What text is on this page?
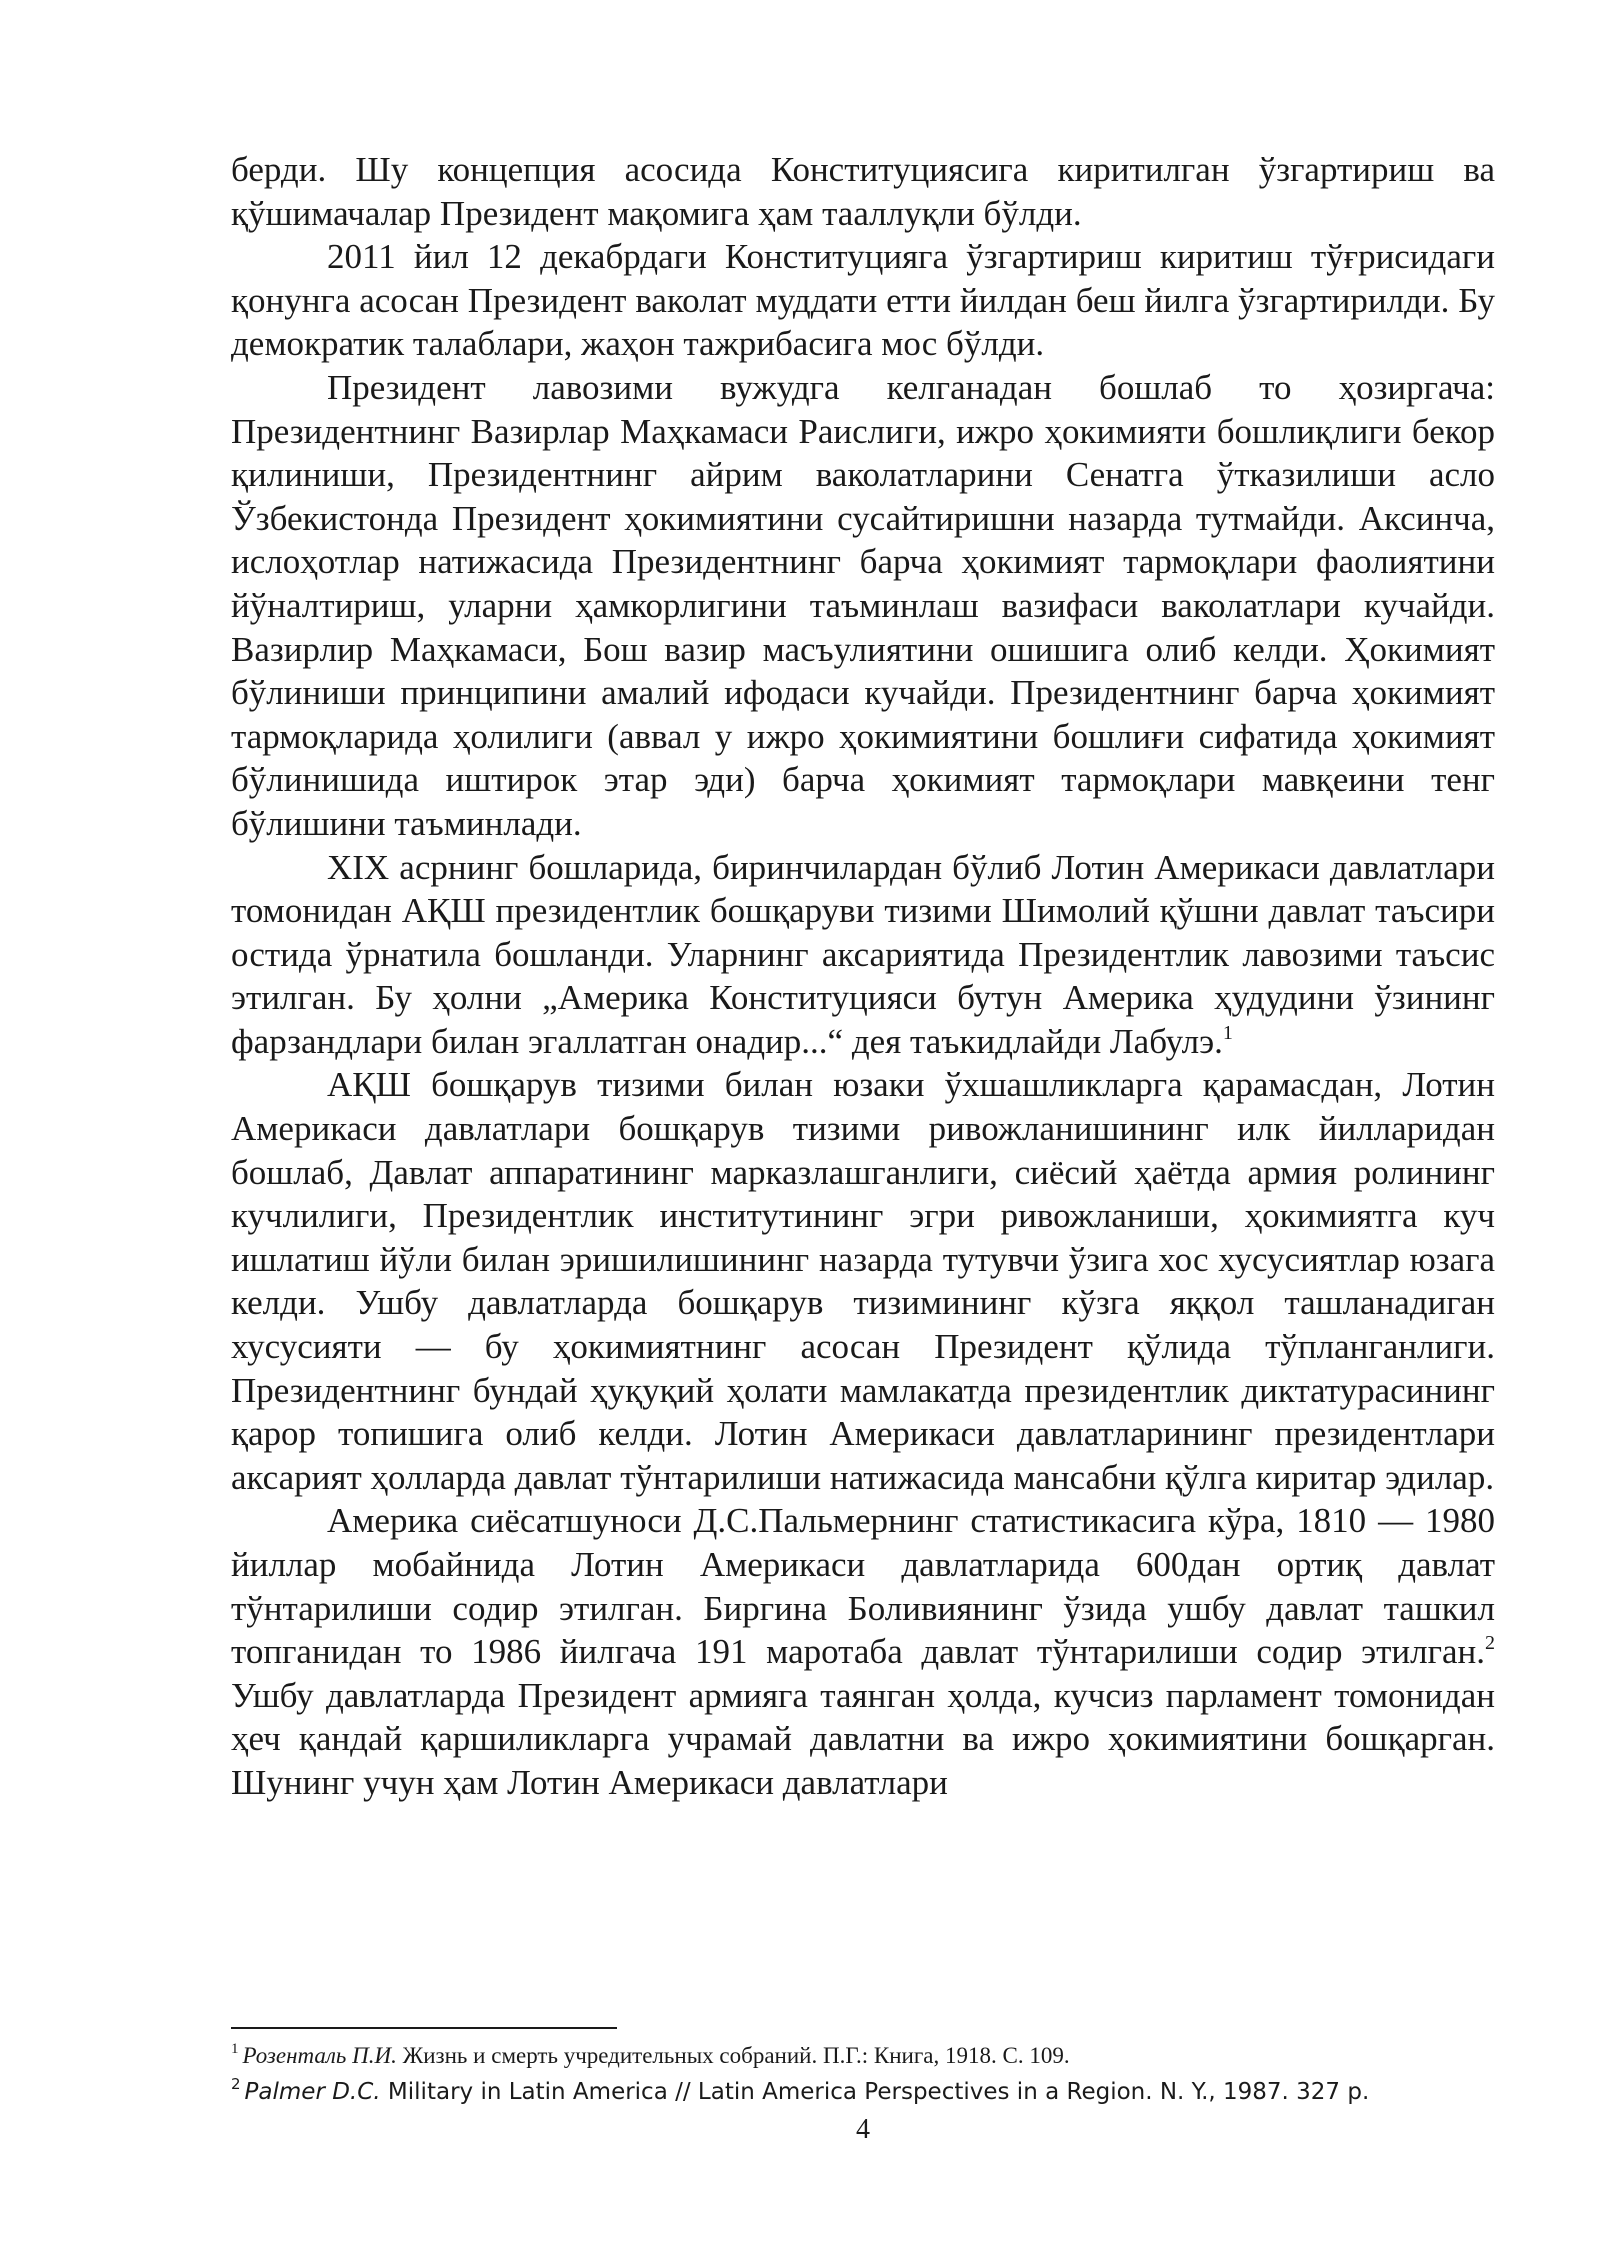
берди. Шу концепция асосида Конституциясига киритилган ўзгартириш ва қўшимачалар Президент мақомига ҳам тааллуқли бўлди.

2011 йил 12 декабрдаги Конституцияга ўзгартириш киритиш тўғрисидаги қонунга асосан Президент ваколат муддати етти йилдан беш йилга ўзгартирилди. Бу демократик талаблари, жаҳон тажрибасига мос бўлди.

Президент лавозими вужудга келганадан бошлаб то ҳозиргача: Президентнинг Вазирлар Маҳкамаси Раислиги, ижро ҳокимияти бошлиқлиги бекор қилиниши, Президентнинг айрим ваколатларини Сенатга ўтказилиши асло Ўзбекистонда Президент ҳокимиятини сусайтиришни назарда тутмайди. Аксинча, ислоҳотлар натижасида Президентнинг барча ҳокимият тармоқлари фаолиятини йўналтириш, уларни ҳамкорлигини таъминлаш вазифаси ваколатлари кучайди. Вазирлир Маҳкамаси, Бош вазир масъулиятини ошишига олиб келди. Ҳокимият бўлиниши принципини амалий ифодаси кучайди. Президентнинг барча ҳокимият тармоқларида ҳолилиги (аввал у ижро ҳокимиятини бошлиғи сифатида ҳокимият бўлинишида иштирок этар эди) барча ҳокимият тармоқлари мавқеини тенг бўлишини таъминлади.

XIX асрнинг бошларида, биринчилардан бўлиб Лотин Америкаси давлатлари томонидан АҚШ президентлик бошқаруви тизими Шимолий қўшни давлат таъсири остида ўрнатила бошланди. Уларнинг аксариятида Президентлик лавозими таъсис этилган. Бу ҳолни „Америка Конституцияси бутун Америка ҳудудини ўзининг фарзандлари билан эгаллатган онадир...“ дея таъкидлайди Лабулэ.$^1$

АҚШ бошқарув тизими билан юзаки ўхшашликларга қарамасдан, Лотин Америкаси давлатлари бошқарув тизими ривожланишининг илк йилларидан бошлаб, Давлат аппаратининг марказлашганлиги, сиёсий ҳаётда армия ролининг кучлилиги, Президентлик институтининг эгри ривожланиши, ҳокимиятга куч ишлатиш йўли билан эришилишининг назарда тутувчи ўзига хос хусусиятлар юзага келди. Ушбу давлатларда бошқарув тизимининг кўзга яққол ташланадиган хусусияти — бу ҳокимиятнинг асосан Президент қўлида тўпланганлиги. Президентнинг бундай ҳуқуқий ҳолати мамлакатда президентлик диктатурасининг қарор топишига олиб келди. Лотин Америкаси давлатларининг президентлари аксарият ҳолларда давлат тўнтарилиши натижасида мансабни қўлга киритар эдилар.

Америка сиёсатшуноси Д.С.Пальмернинг статистикасига кўра, 1810 — 1980 йиллар мобайнида Лотин Америкаси давлатларида 600дан ортиқ давлат тўнтарилиши содир этилган. Биргина Боливиянинг ўзида ушбу давлат ташкил топганидан то 1986 йилгача 191 маротаба давлат тўнтарилиши содир этилган.$^2$ Ушбу давлатларда Президент армияга таянган ҳолда, кучсиз парламент томонидан ҳеч қандай қаршиликларга учрамай давлатни ва ижро ҳокимиятини бошқарган. Шунинг учун ҳам Лотин Америкаси давлатлари

$^1$ Розенталь П.И. Жизнь и смерть учредительных собраний. П.Г.: Книга, 1918. С. 109.

$^2$ Palmer D.C. Military in Latin America // Latin America Perspectives in a Region. N. Y., 1987. 327 p.

4
